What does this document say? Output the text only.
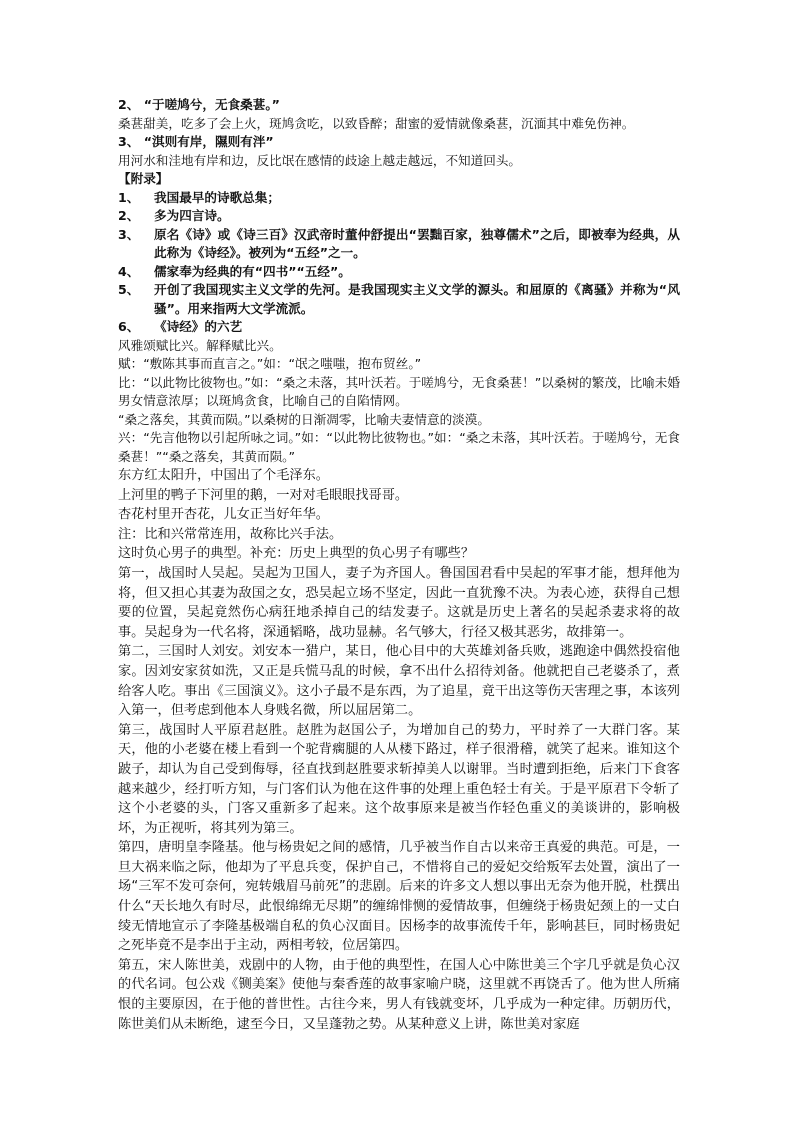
2、 “于嗟鸠兮，无食桑葚。”

桑葚甜美，吃多了会上火，斑鸠贪吃，以致昏醉；甜蜜的爱情就像桑葚，沉湎其中难免伤神。

3、 “淇则有岸，隰则有泮”

用河水和洼地有岸和边，反比氓在感情的歧途上越走越远，不知道回头。

【附录】

1、	我国最早的诗歌总集；
2、	多为四言诗。
3、	原名《诗》或《诗三百》汉武帝时董仲舒提出“罢黜百家，独尊儒术”之后，即被奉为经典，从此称为《诗经》。被列为“五经”之一。
4、	儒家奉为经典的有“四书”“五经”。
5、	开创了我国现实主义文学的先河。是我国现实主义文学的源头。和屈原的《离骚》并称为“风骚”。用来指两大文学流派。
6、	《诗经》的六艺

风雅颂赋比兴。解释赋比兴。

赋：“敷陈其事而直言之。”如：“氓之嗤嗤，抱布贸丝。”

比：“以此物比彼物也。”如：“桑之未落，其叶沃若。于嗟鸠兮，无食桑葚！”以桑树的繁茂，比喻未婚男女情意浓厚；以斑鸠贪食，比喻自己的自陷情网。

“桑之落矣，其黄而陨。”以桑树的日渐凋零，比喻夫妻情意的淡漠。

兴：“先言他物以引起所咏之词。”如：“以此物比彼物也。”如：“桑之未落，其叶沃若。于嗟鸠兮，无食桑葚！”“桑之落矣，其黄而陨。”

东方红太阳升，中国出了个毛泽东。

上河里的鸭子下河里的鹅，一对对毛眼眼找哥哥。

杏花村里开杏花，儿女正当好年华。

注：比和兴常常连用，故称比兴手法。

这时负心男子的典型。补充：历史上典型的负心男子有哪些？

第一，战国时人吴起。吴起为卫国人，妻子为齐国人。鲁国国君看中吴起的军事才能，想拜他为将，但又担心其妻为敌国之女，恐吴起立场不坚定，因此一直犹豫不决。为表心迹，获得自己想要的位置，吴起竟然伤心病狂地杀掉自己的结发妻子。这就是历史上著名的吴起杀妻求将的故事。吴起身为一代名将，深通韬略，战功显赫。名气够大，行径又极其恶劣，故排第一。

第二，三国时人刘安。刘安本一猎户，某日，他心目中的大英雄刘备兵败，逃跑途中偶然投宿他家。因刘安家贫如洗，又正是兵慌马乱的时候，拿不出什么招待刘备。他就把自己老婆杀了，煮给客人吃。事出《三国演义》。这小子最不是东西，为了追星，竟干出这等伤天害理之事，本该列入第一，但考虑到他本人身贱名微，所以屈居第二。

第三，战国时人平原君赵胜。赵胜为赵国公子，为增加自己的势力，平时养了一大群门客。某天，他的小老婆在楼上看到一个驼背瘸腿的人从楼下路过，样子很滑稽，就笑了起来。谁知这个跛子，却认为自己受到侮辱，径直找到赵胜要求斩掉美人以谢罪。当时遭到拒绝，后来门下食客越来越少，经打听方知，与门客们认为他在这件事的处理上重色轻士有关。于是平原君下令斩了这个小老婆的头，门客又重新多了起来。这个故事原来是被当作轻色重义的美谈讲的，影响极坏，为正视听，将其列为第三。

第四，唐明皇李隆基。他与杨贵妃之间的感情，几乎被当作自古以来帝王真爱的典范。可是，一旦大祸来临之际，他却为了平息兵变，保护自己，不惜将自己的爱妃交给叛军去处置，演出了一场“三军不发可奈何，宛转娥眉马前死”的悲剧。后来的许多文人想以事出无奈为他开脱，杜撰出什么“天长地久有时尽，此恨绵绵无尽期”的缠绵悱恻的爱情故事，但缠绕于杨贵妃颈上的一丈白绫无情地宣示了李隆基极端自私的负心汉面目。因杨李的故事流传千年，影响甚巨，同时杨贵妃之死毕竟不是李出于主动，两相考较，位居第四。

第五，宋人陈世美，戏剧中的人物，由于他的典型性，在国人心中陈世美三个字几乎就是负心汉的代名词。包公戏《铡美案》使他与秦香莲的故事家喻户晓，这里就不再饶舌了。他为世人所痛恨的主要原因，在于他的普世性。古往今来，男人有钱就变坏，几乎成为一种定律。历朝历代，陈世美们从未断绝，逮至今日，又呈蓬勃之势。从某种意义上讲，陈世美对家庭
